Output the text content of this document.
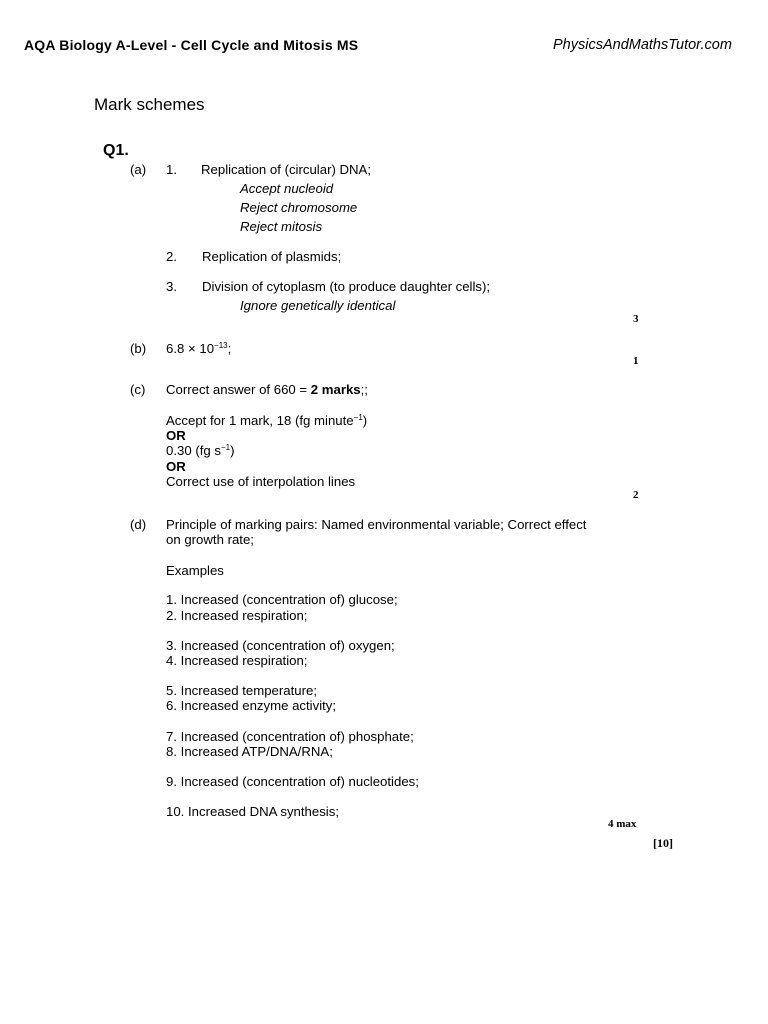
AQA Biology A-Level - Cell Cycle and Mitosis MS	PhysicsAndMathsTutor.com
Mark schemes
Q1.
(a) 1. Replication of (circular) DNA;
Accept nucleoid
Reject chromosome
Reject mitosis
2. Replication of plasmids;
3. Division of cytoplasm (to produce daughter cells);
Ignore genetically identical
3
(b) $6.8 \times 10^{-13}$;
1
(c) Correct answer of 660 = 2 marks;;
Accept for 1 mark, 18 (fg minute$^{-1}$)
OR
0.30 (fg $s^{-1}$)
OR
Correct use of interpolation lines
2
(d) Principle of marking pairs: Named environmental variable; Correct effect
on growth rate;
Examples
1. Increased (concentration of) glucose;
2. Increased respiration;
3. Increased (concentration of) oxygen;
4. Increased respiration;
5. Increased temperature;
6. Increased enzyme activity;
7. Increased (concentration of) phosphate;
8. Increased ATP/DNA/RNA;
9. Increased (concentration of) nucleotides;
10. Increased DNA synthesis;
4 max
[10]
